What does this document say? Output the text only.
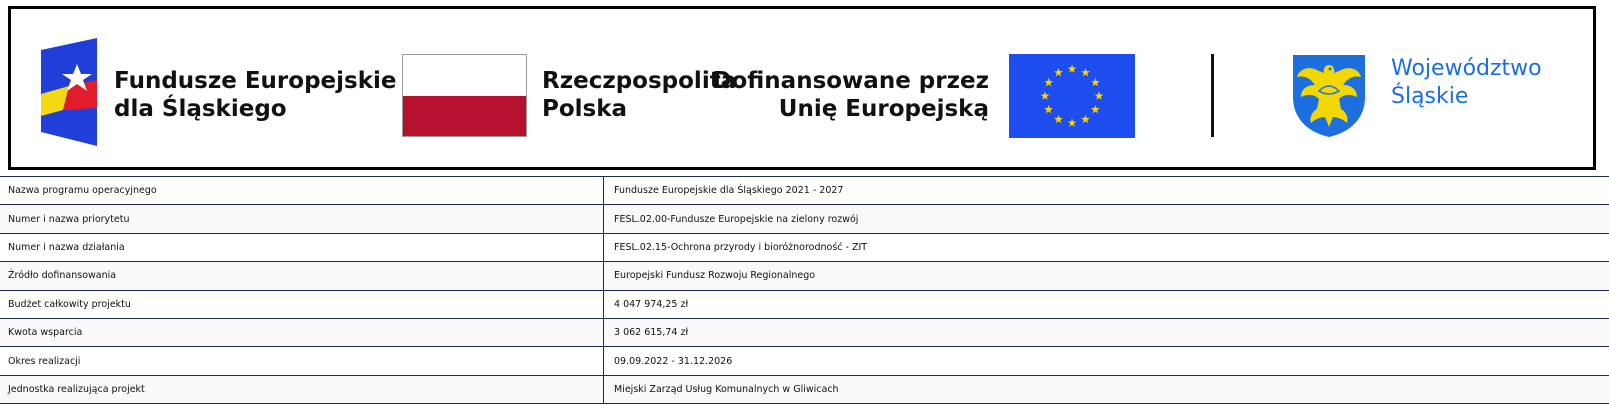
Fundusze Europejskie
dla Śląskiego
Rzeczpospolita
Polska
Dofinansowane przez
Unię Europejską
Województwo
Śląskie
Nazwa programu operacyjnego	Fundusze Europejskie dla Śląskiego 2021 - 2027
Numer i nazwa priorytetu	FESL.02.00-Fundusze Europejskie na zielony rozwój
Numer i nazwa działania	FESL.02.15-Ochrona przyrody i bioróżnorodność - ZIT
Źródło dofinansowania	Europejski Fundusz Rozwoju Regionalnego
Budżet całkowity projektu	4 047 974,25 zł
Kwota wsparcia	3 062 615,74 zł
Okres realizacji	09.09.2022 - 31.12.2026
Jednostka realizująca projekt	Miejski Zarząd Usług Komunalnych w Gliwicach
